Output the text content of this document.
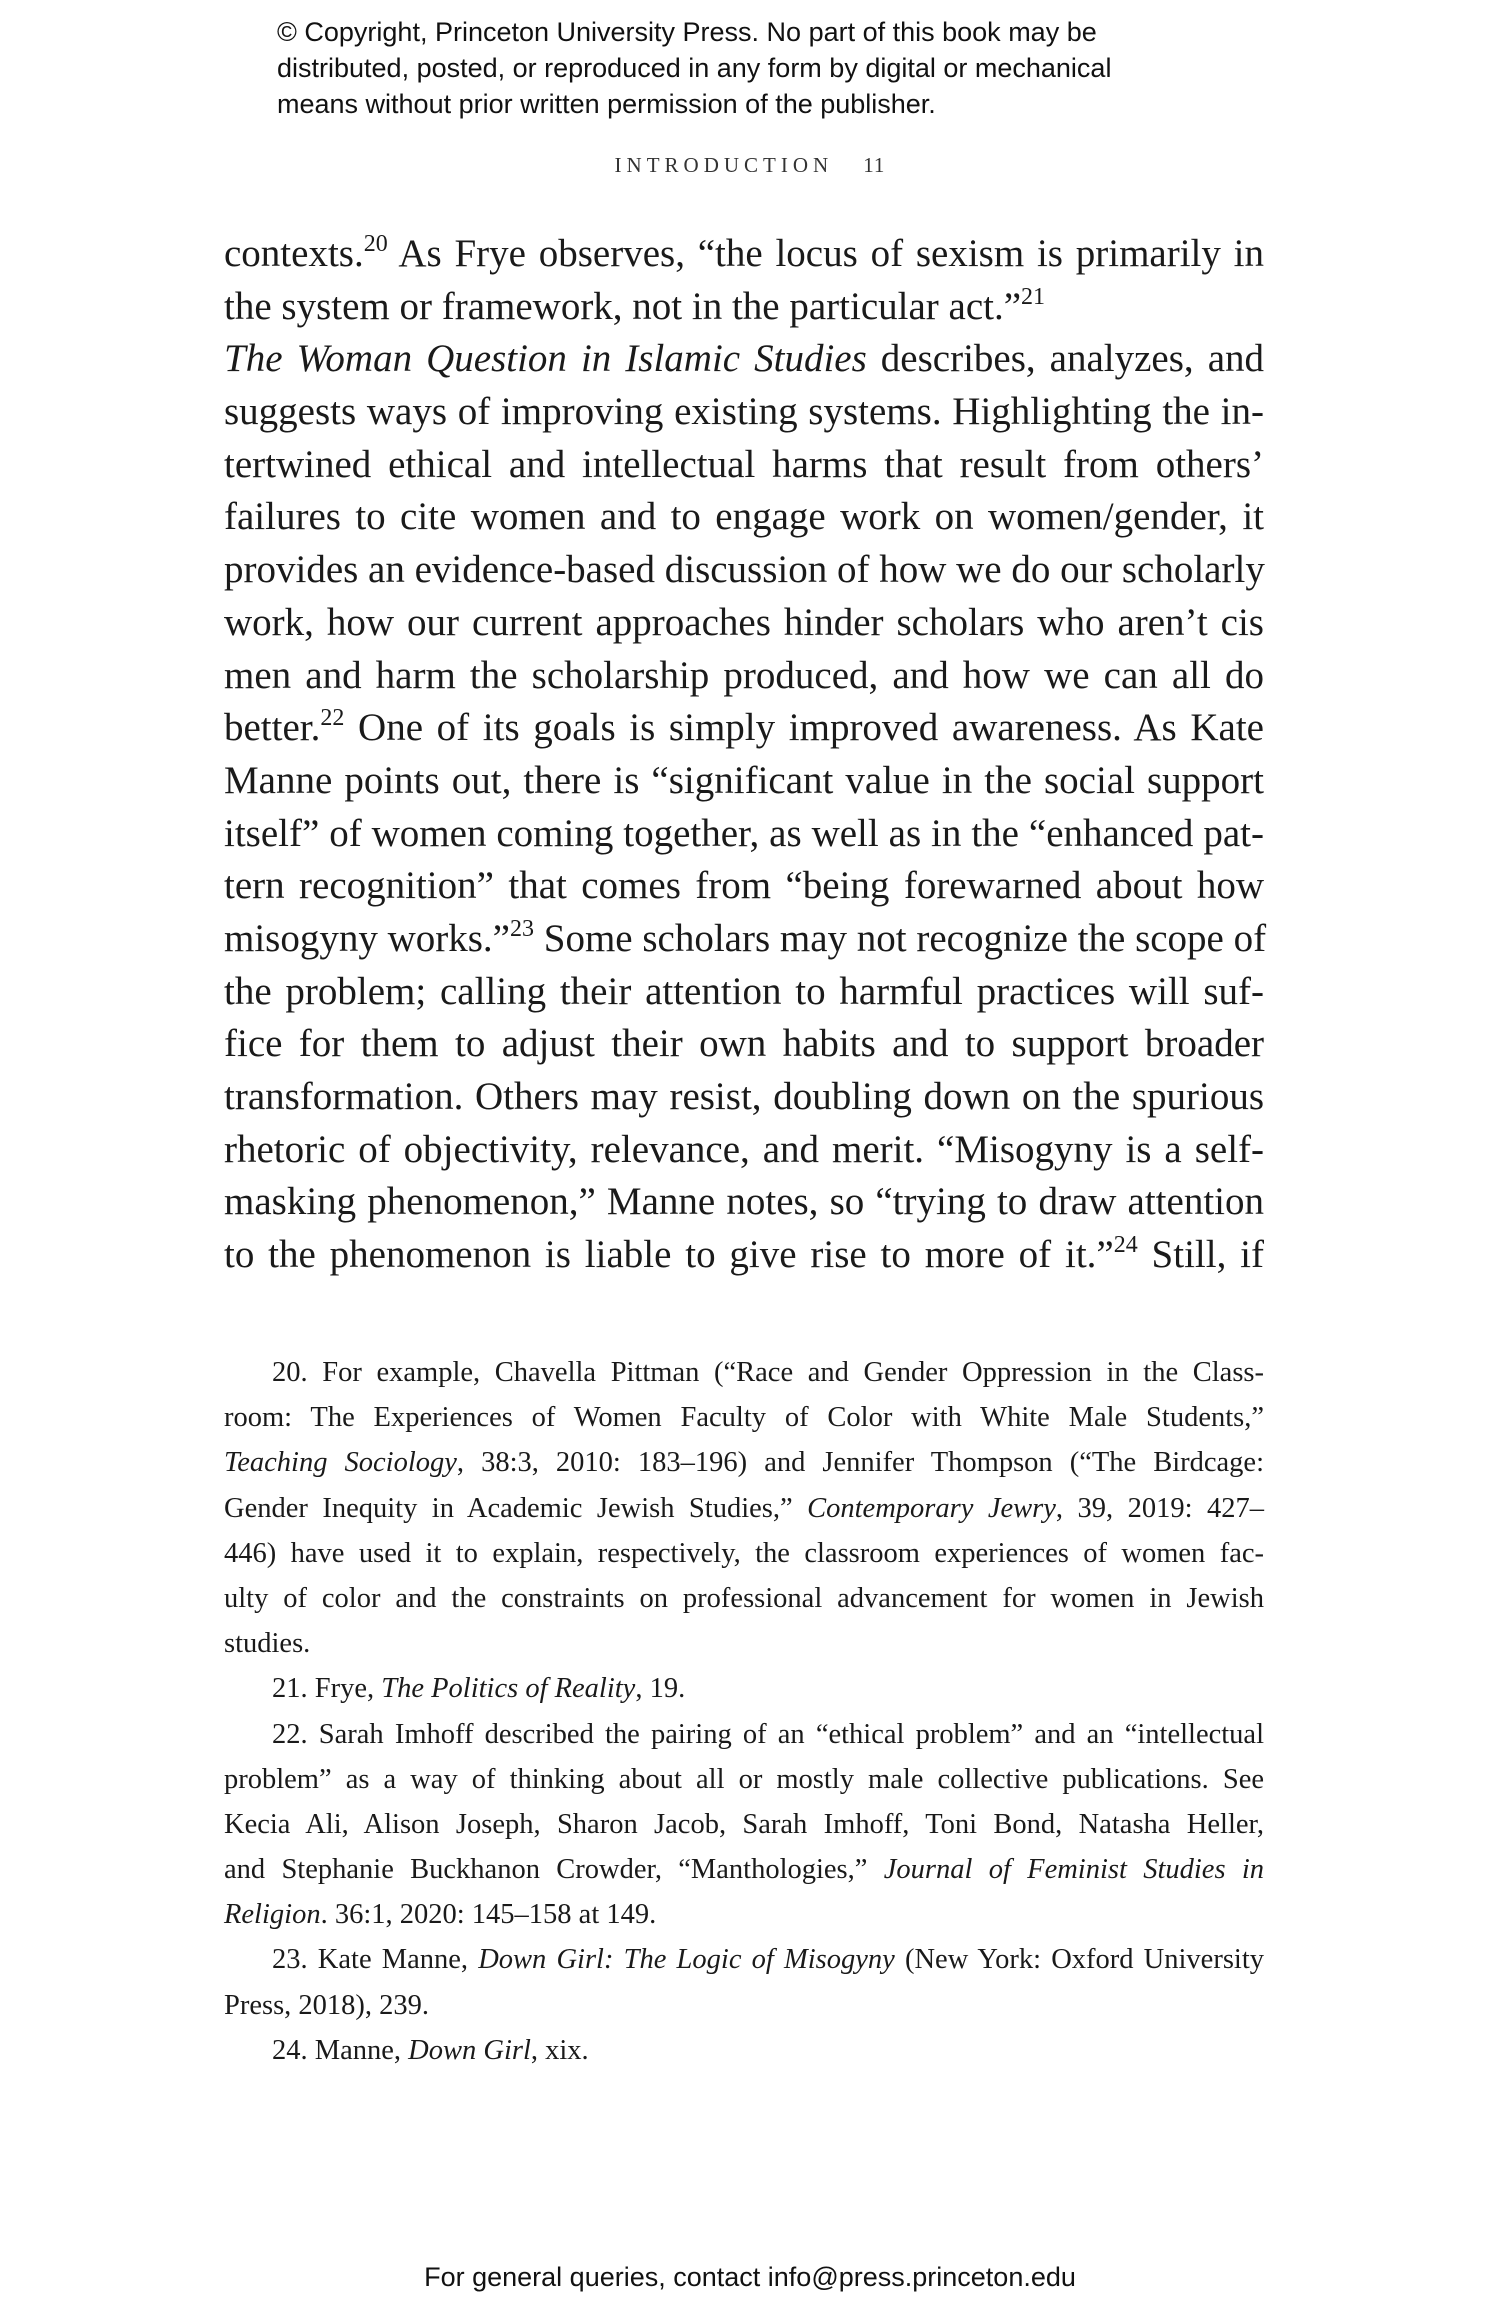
© Copyright, Princeton University Press. No part of this book may be
distributed, posted, or reproduced in any form by digital or mechanical
means without prior written permission of the publisher.
INTRODUCTION 11
contexts.$^{20}$ As Frye observes, “the locus of sexism is primarily in
the system or framework, not in the particular act.”$^{21}$
The Woman Question in Islamic Studies describes, analyzes, and
suggests ways of improving existing systems. Highlighting the in-
tertwined ethical and intellectual harms that result from others’
failures to cite women and to engage work on women/gender, it
provides an evidence-based discussion of how we do our scholarly
work, how our current approaches hinder scholars who aren’t cis
men and harm the scholarship produced, and how we can all do
better.$^{22}$ One of its goals is simply improved awareness. As Kate
Manne points out, there is “significant value in the social support
itself” of women coming together, as well as in the “enhanced pat-
tern recognition” that comes from “being forewarned about how
misogyny works.”$^{23}$ Some scholars may not recognize the scope of
the problem; calling their attention to harmful practices will suf-
fice for them to adjust their own habits and to support broader
transformation. Others may resist, doubling down on the spurious
rhetoric of objectivity, relevance, and merit. “Misogyny is a self-
masking phenomenon,” Manne notes, so “trying to draw attention
to the phenomenon is liable to give rise to more of it.”$^{24}$ Still, if
20. For example, Chavella Pittman (“Race and Gender Oppression in the Class-
room: The Experiences of Women Faculty of Color with White Male Students,”
Teaching Sociology, 38:3, 2010: 183–196) and Jennifer Thompson (“The Birdcage:
Gender Inequity in Academic Jewish Studies,” Contemporary Jewry, 39, 2019: 427–
446) have used it to explain, respectively, the classroom experiences of women fac-
ulty of color and the constraints on professional advancement for women in Jewish
studies.
21. Frye, The Politics of Reality, 19.
22. Sarah Imhoff described the pairing of an “ethical problem” and an “intellectual
problem” as a way of thinking about all or mostly male collective publications. See
Kecia Ali, Alison Joseph, Sharon Jacob, Sarah Imhoff, Toni Bond, Natasha Heller,
and Stephanie Buckhanon Crowder, “Manthologies,” Journal of Feminist Studies in
Religion. 36:1, 2020: 145–158 at 149.
23. Kate Manne, Down Girl: The Logic of Misogyny (New York: Oxford University
Press, 2018), 239.
24. Manne, Down Girl, xix.
For general queries, contact info@press.princeton.edu
